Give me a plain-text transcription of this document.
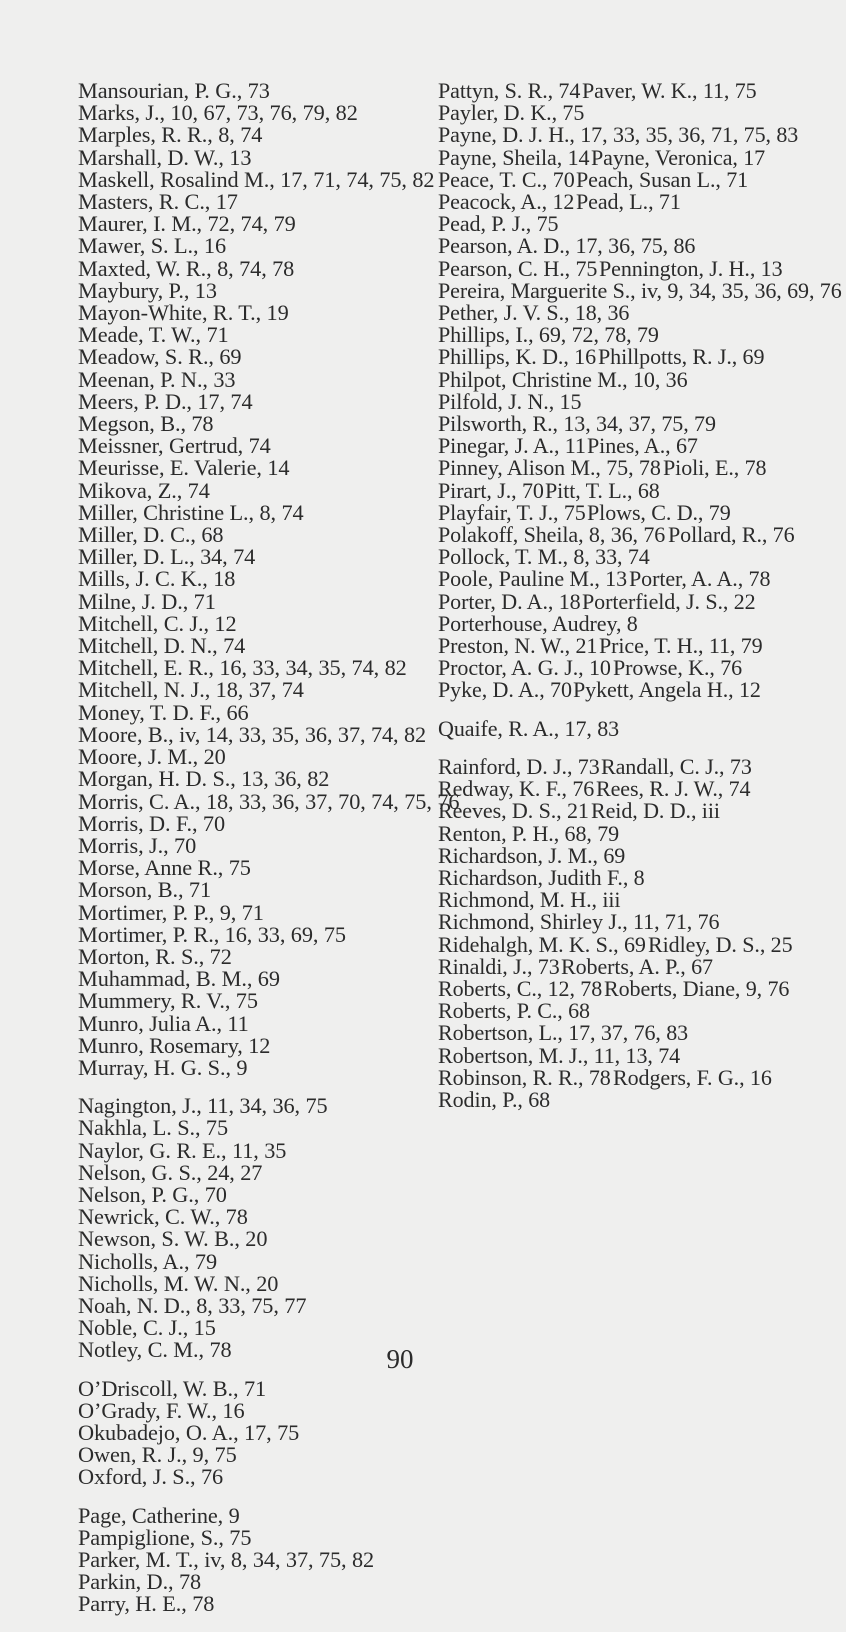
Mansourian, P. G., 73
Marks, J., 10, 67, 73, 76, 79, 82
Marples, R. R., 8, 74
Marshall, D. W., 13
Maskell, Rosalind M., 17, 71, 74, 75, 82
Masters, R. C., 17
Maurer, I. M., 72, 74, 79
Mawer, S. L., 16
Maxted, W. R., 8, 74, 78
Maybury, P., 13
Mayon-White, R. T., 19
Meade, T. W., 71
Meadow, S. R., 69
Meenan, P. N., 33
Meers, P. D., 17, 74
Megson, B., 78
Meissner, Gertrud, 74
Meurisse, E. Valerie, 14
Mikova, Z., 74
Miller, Christine L., 8, 74
Miller, D. C., 68
Miller, D. L., 34, 74
Mills, J. C. K., 18
Milne, J. D., 71
Mitchell, C. J., 12
Mitchell, D. N., 74
Mitchell, E. R., 16, 33, 34, 35, 74, 82
Mitchell, N. J., 18, 37, 74
Money, T. D. F., 66
Moore, B., iv, 14, 33, 35, 36, 37, 74, 82
Moore, J. M., 20
Morgan, H. D. S., 13, 36, 82
Morris, C. A., 18, 33, 36, 37, 70, 74, 75, 76
Morris, D. F., 70
Morris, J., 70
Morse, Anne R., 75
Morson, B., 71
Mortimer, P. P., 9, 71
Mortimer, P. R., 16, 33, 69, 75
Morton, R. S., 72
Muhammad, B. M., 69
Mummery, R. V., 75
Munro, Julia A., 11
Munro, Rosemary, 12
Murray, H. G. S., 9
Nagington, J., 11, 34, 36, 75
Nakhla, L. S., 75
Naylor, G. R. E., 11, 35
Nelson, G. S., 24, 27
Nelson, P. G., 70
Newrick, C. W., 78
Newson, S. W. B., 20
Nicholls, A., 79
Nicholls, M. W. N., 20
Noah, N. D., 8, 33, 75, 77
Noble, C. J., 15
Notley, C. M., 78
O’Driscoll, W. B., 71
O’Grady, F. W., 16
Okubadejo, O. A., 17, 75
Owen, R. J., 9, 75
Oxford, J. S., 76
Page, Catherine, 9
Pampiglione, S., 75
Parker, M. T., iv, 8, 34, 37, 75, 82
Parkin, D., 78
Parry, H. E., 78
Pattyn, S. R., 74Paver, W. K., 11, 75Payler, D. K., 75Payne, D. J. H., 17, 33, 35, 36, 71, 75, 83Payne, Sheila, 14Payne, Veronica, 17Peace, T. C., 70Peach, Susan L., 71Peacock, A., 12Pead, L., 71Pead, P. J., 75Pearson, A. D., 17, 36, 75, 86Pearson, C. H., 75Pennington, J. H., 13Pereira, Marguerite S., iv, 9, 34, 35, 36, 69, 76Pether, J. V. S., 18, 36Phillips, I., 69, 72, 78, 79Phillips, K. D., 16Phillpotts, R. J., 69Philpot, Christine M., 10, 36Pilfold, J. N., 15Pilsworth, R., 13, 34, 37, 75, 79Pinegar, J. A., 11Pines, A., 67Pinney, Alison M., 75, 78 Pioli, E., 78Pirart, J., 70Pitt, T. L., 68Playfair, T. J., 75Plows, C. D., 79Polakoff, Sheila, 8, 36, 76 Pollard, R., 76Pollock, T. M., 8, 33, 74Poole, Pauline M., 13Porter, A. A., 78Porter, D. A., 18Porterfield, J. S., 22Porterhouse, Audrey, 8Preston, N. W., 21Price, T. H., 11, 79Proctor, A. G. J., 10Prowse, K., 76Pyke, D. A., 70Pykett, Angela H., 12
Quaife, R. A., 17, 83
Rainford, D. J., 73Randall, C. J., 73Redway, K. F., 76Rees, R. J. W., 74Reeves, D. S., 21Reid, D. D., iiiRenton, P. H., 68, 79Richardson, J. M., 69Richardson, Judith F., 8Richmond, M. H., iiiRichmond, Shirley J., 11, 71, 76Ridehalgh, M. K. S., 69 Ridley, D. S., 25Rinaldi, J., 73Roberts, A. P., 67Roberts, C., 12, 78Roberts, Diane, 9, 76Roberts, P. C., 68Robertson, L., 17, 37, 76, 83Robertson, M. J., 11, 13, 74Robinson, R. R., 78Rodgers, F. G., 16Rodin, P., 68
90
